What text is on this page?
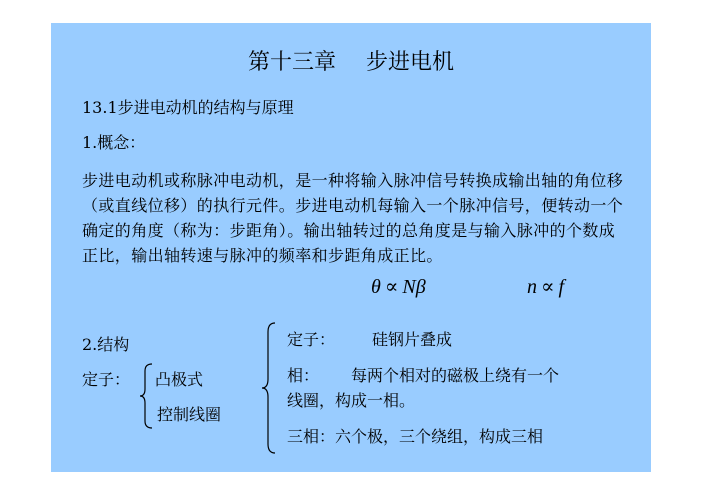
第十三章 步进电机
13.1步进电动机的结构与原理
1.概念：
步进电动机或称脉冲电动机，是一种将输入脉冲信号转换成输出轴的角位移（或直线位移）的执行元件。步进电动机每输入一个脉冲信号，便转动一个确定的角度（称为：步距角）。输出轴转过的总角度是与输入脉冲的个数成正比，输出轴转速与脉冲的频率和步距角成正比。
θ ∝ Nβ	n ∝ f
2.结构
定子： 凸极式
控制线圈
定子： 硅钢片叠成
相： 每两个相对的磁极上绕有一个
线圈，构成一相。
三相：六个极，三个绕组，构成三相
